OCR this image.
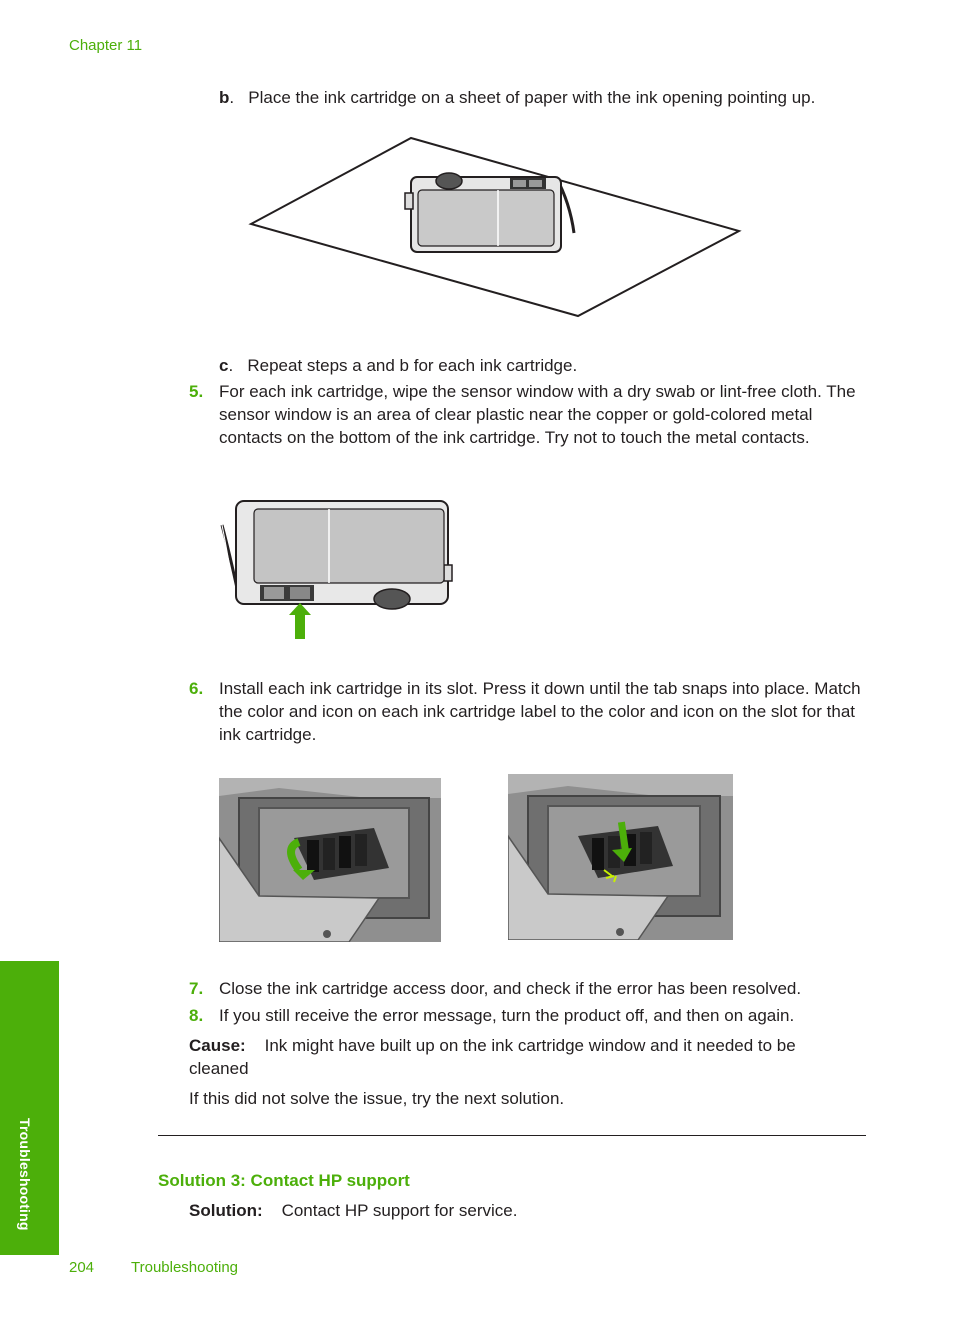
Chapter 11
b.   Place the ink cartridge on a sheet of paper with the ink opening pointing up.
c.   Repeat steps a and b for each ink cartridge.
5. For each ink cartridge, wipe the sensor window with a dry swab or lint-free cloth. The sensor window is an area of clear plastic near the copper or gold-colored metal contacts on the bottom of the ink cartridge. Try not to touch the metal contacts.
6. Install each ink cartridge in its slot. Press it down until the tab snaps into place. Match the color and icon on each ink cartridge label to the color and icon on the slot for that ink cartridge.
7. Close the ink cartridge access door, and check if the error has been resolved.
8. If you still receive the error message, turn the product off, and then on again.
Cause: Ink might have built up on the ink cartridge window and it needed to be cleaned
If this did not solve the issue, try the next solution.
Solution 3: Contact HP support
Solution: Contact HP support for service.
Troubleshooting
204 Troubleshooting
